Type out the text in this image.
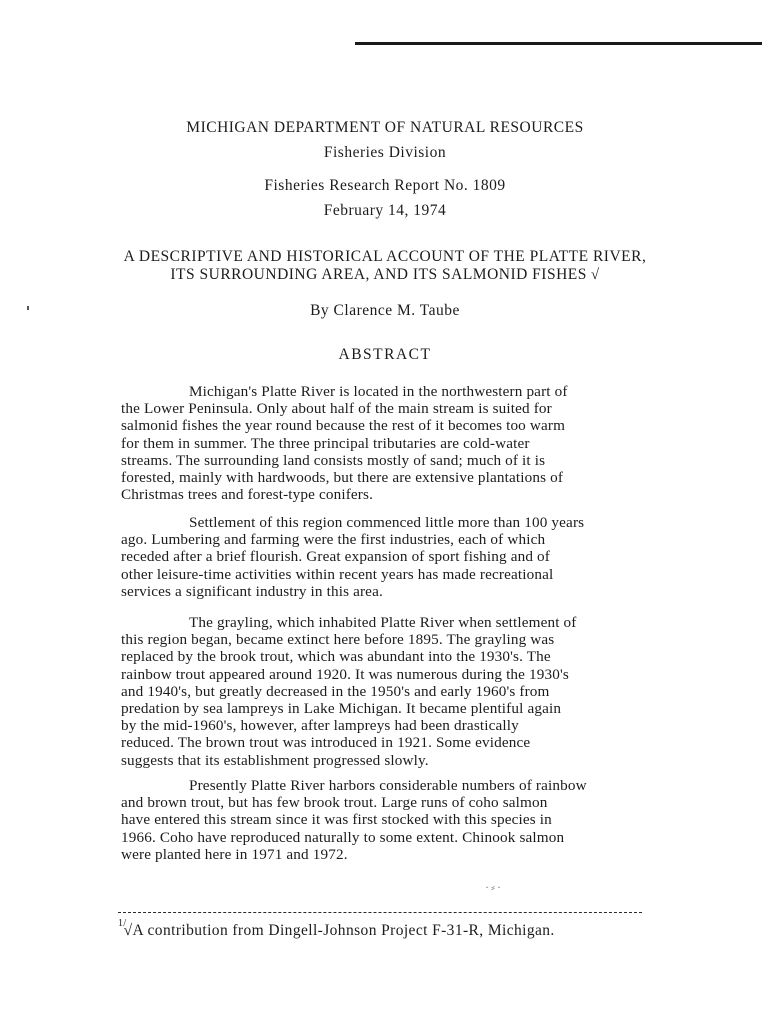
MICHIGAN DEPARTMENT OF NATURAL RESOURCES
Fisheries Division
Fisheries Research Report No. 1809
February 14, 1974
A DESCRIPTIVE AND HISTORICAL ACCOUNT OF THE PLATTE RIVER,
ITS SURROUNDING AREA, AND ITS SALMONID FISHES √
By Clarence M. Taube
ABSTRACT
Michigan's Platte River is located in the northwestern part of
the Lower Peninsula. Only about half of the main stream is suited for
salmonid fishes the year round because the rest of it becomes too warm
for them in summer. The three principal tributaries are cold-water
streams. The surrounding land consists mostly of sand; much of it is
forested, mainly with hardwoods, but there are extensive plantations of
Christmas trees and forest-type conifers.
Settlement of this region commenced little more than 100 years
ago. Lumbering and farming were the first industries, each of which
receded after a brief flourish. Great expansion of sport fishing and of
other leisure-time activities within recent years has made recreational
services a significant industry in this area.
The grayling, which inhabited Platte River when settlement of
this region began, became extinct here before 1895. The grayling was
replaced by the brook trout, which was abundant into the 1930's. The
rainbow trout appeared around 1920. It was numerous during the 1930's
and 1940's, but greatly decreased in the 1950's and early 1960's from
predation by sea lampreys in Lake Michigan. It became plentiful again
by the mid-1960's, however, after lampreys had been drastically
reduced. The brown trout was introduced in 1921. Some evidence
suggests that its establishment progressed slowly.
Presently Platte River harbors considerable numbers of rainbow
and brown trout, but has few brook trout. Large runs of coho salmon
have entered this stream since it was first stocked with this species in
1966. Coho have reproduced naturally to some extent. Chinook salmon
were planted here in 1971 and 1972.
·⸗·
$^{1/}$√A contribution from Dingell-Johnson Project F-31-R, Michigan.
